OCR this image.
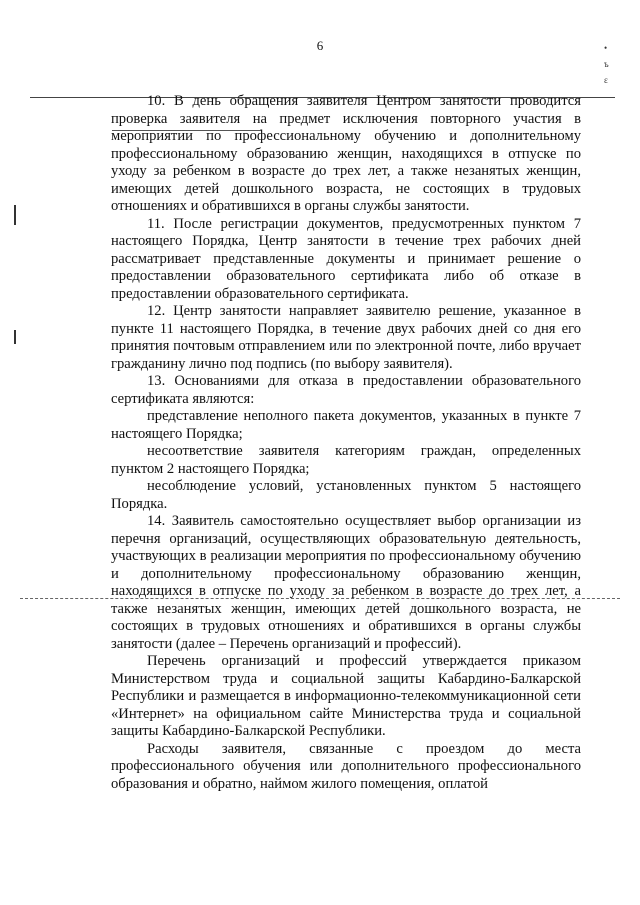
6	•
ъ
ɛ

10. В день обращения заявителя Центром занятости проводится проверка заявителя на предмет исключения повторного участия в мероприятии по профессиональному обучению и дополнительному профессиональному образованию женщин, находящихся в отпуске по уходу за ребенком в возрасте до трех лет, а также незанятых женщин, имеющих детей дошкольного возраста, не состоящих в трудовых отношениях и обратившихся в органы службы занятости.

11. После регистрации документов, предусмотренных пунктом 7 настоящего Порядка, Центр занятости в течение трех рабочих дней рассматривает представленные документы и принимает решение о предоставлении образовательного сертификата либо об отказе в предоставлении образовательного сертификата.

12. Центр занятости направляет заявителю решение, указанное в пункте 11 настоящего Порядка, в течение двух рабочих дней со дня его принятия почтовым отправлением или по электронной почте, либо вручает гражданину лично под подпись (по выбору заявителя).

13. Основаниями для отказа в предоставлении образовательного сертификата являются:

представление неполного пакета документов, указанных в пункте 7 настоящего Порядка;

несоответствие заявителя категориям граждан, определенных пунктом 2 настоящего Порядка;

несоблюдение условий, установленных пунктом 5 настоящего Порядка.

14. Заявитель самостоятельно осуществляет выбор организации из перечня организаций, осуществляющих образовательную деятельность, участвующих в реализации мероприятия по профессиональному обучению и дополнительному профессиональному образованию женщин, находящихся в отпуске по уходу за ребенком в возрасте до трех лет, а также незанятых женщин, имеющих детей дошкольного возраста, не состоящих в трудовых отношениях и обратившихся в органы службы занятости (далее – Перечень организаций и профессий).

Перечень организаций и профессий утверждается приказом Министерством труда и социальной защиты Кабардино-Балкарской Республики и размещается в информационно-телекоммуникационной сети «Интернет» на официальном сайте Министерства труда и социальной защиты Кабардино-Балкарской Республики.

Расходы заявителя, связанные с проездом до места профессионального обучения или дополнительного профессионального образования и обратно, наймом жилого помещения, оплатой
